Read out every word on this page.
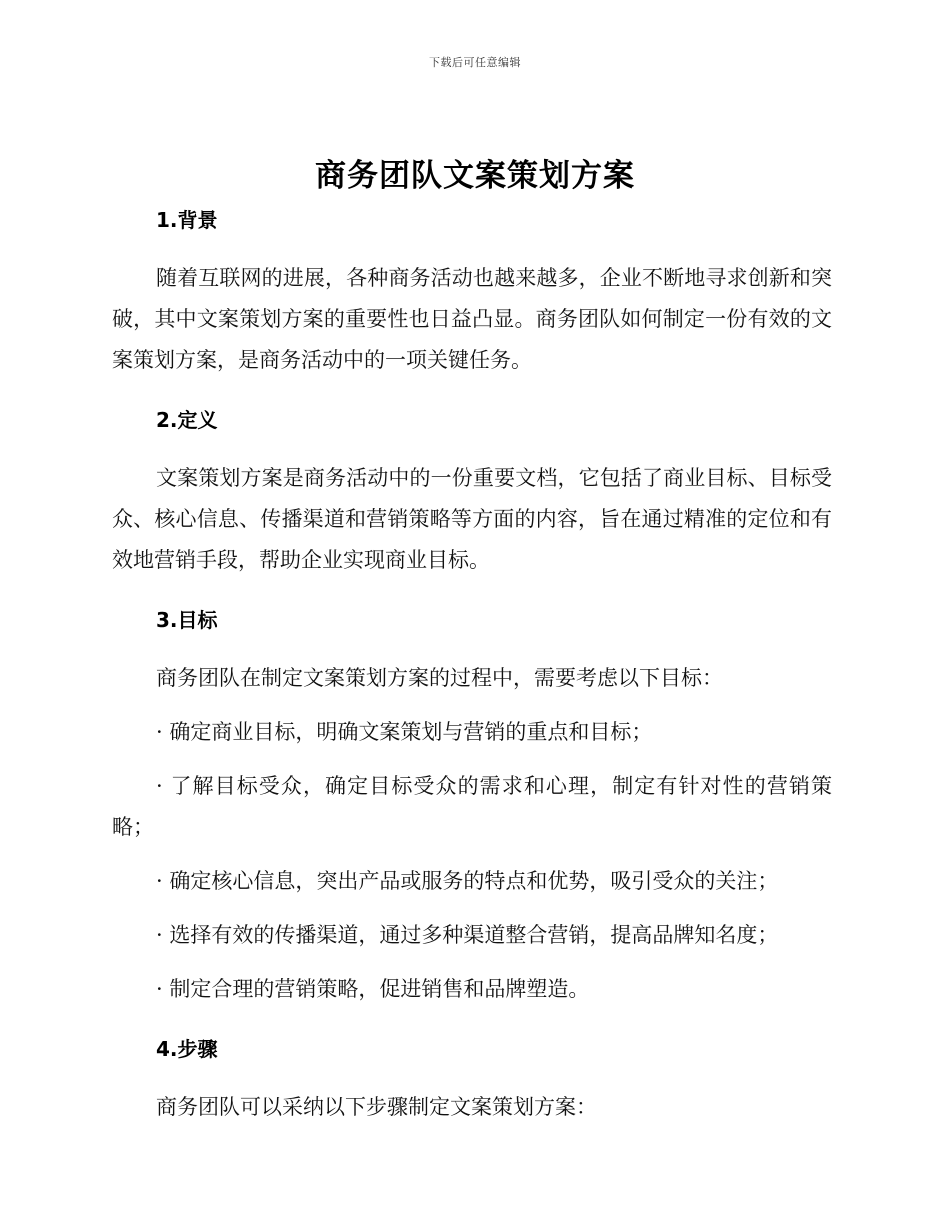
下载后可任意编辑
商务团队文案策划方案
1.背景

随着互联网的进展，各种商务活动也越来越多，企业不断地寻求创新和突破，其中文案策划方案的重要性也日益凸显。商务团队如何制定一份有效的文案策划方案，是商务活动中的一项关键任务。

2.定义

文案策划方案是商务活动中的一份重要文档，它包括了商业目标、目标受众、核心信息、传播渠道和营销策略等方面的内容，旨在通过精准的定位和有效地营销手段，帮助企业实现商业目标。

3.目标

商务团队在制定文案策划方案的过程中，需要考虑以下目标：

· 确定商业目标，明确文案策划与营销的重点和目标；

· 了解目标受众，确定目标受众的需求和心理，制定有针对性的营销策略；

· 确定核心信息，突出产品或服务的特点和优势，吸引受众的关注；

· 选择有效的传播渠道，通过多种渠道整合营销，提高品牌知名度；

· 制定合理的营销策略，促进销售和品牌塑造。

4.步骤

商务团队可以采纳以下步骤制定文案策划方案：
